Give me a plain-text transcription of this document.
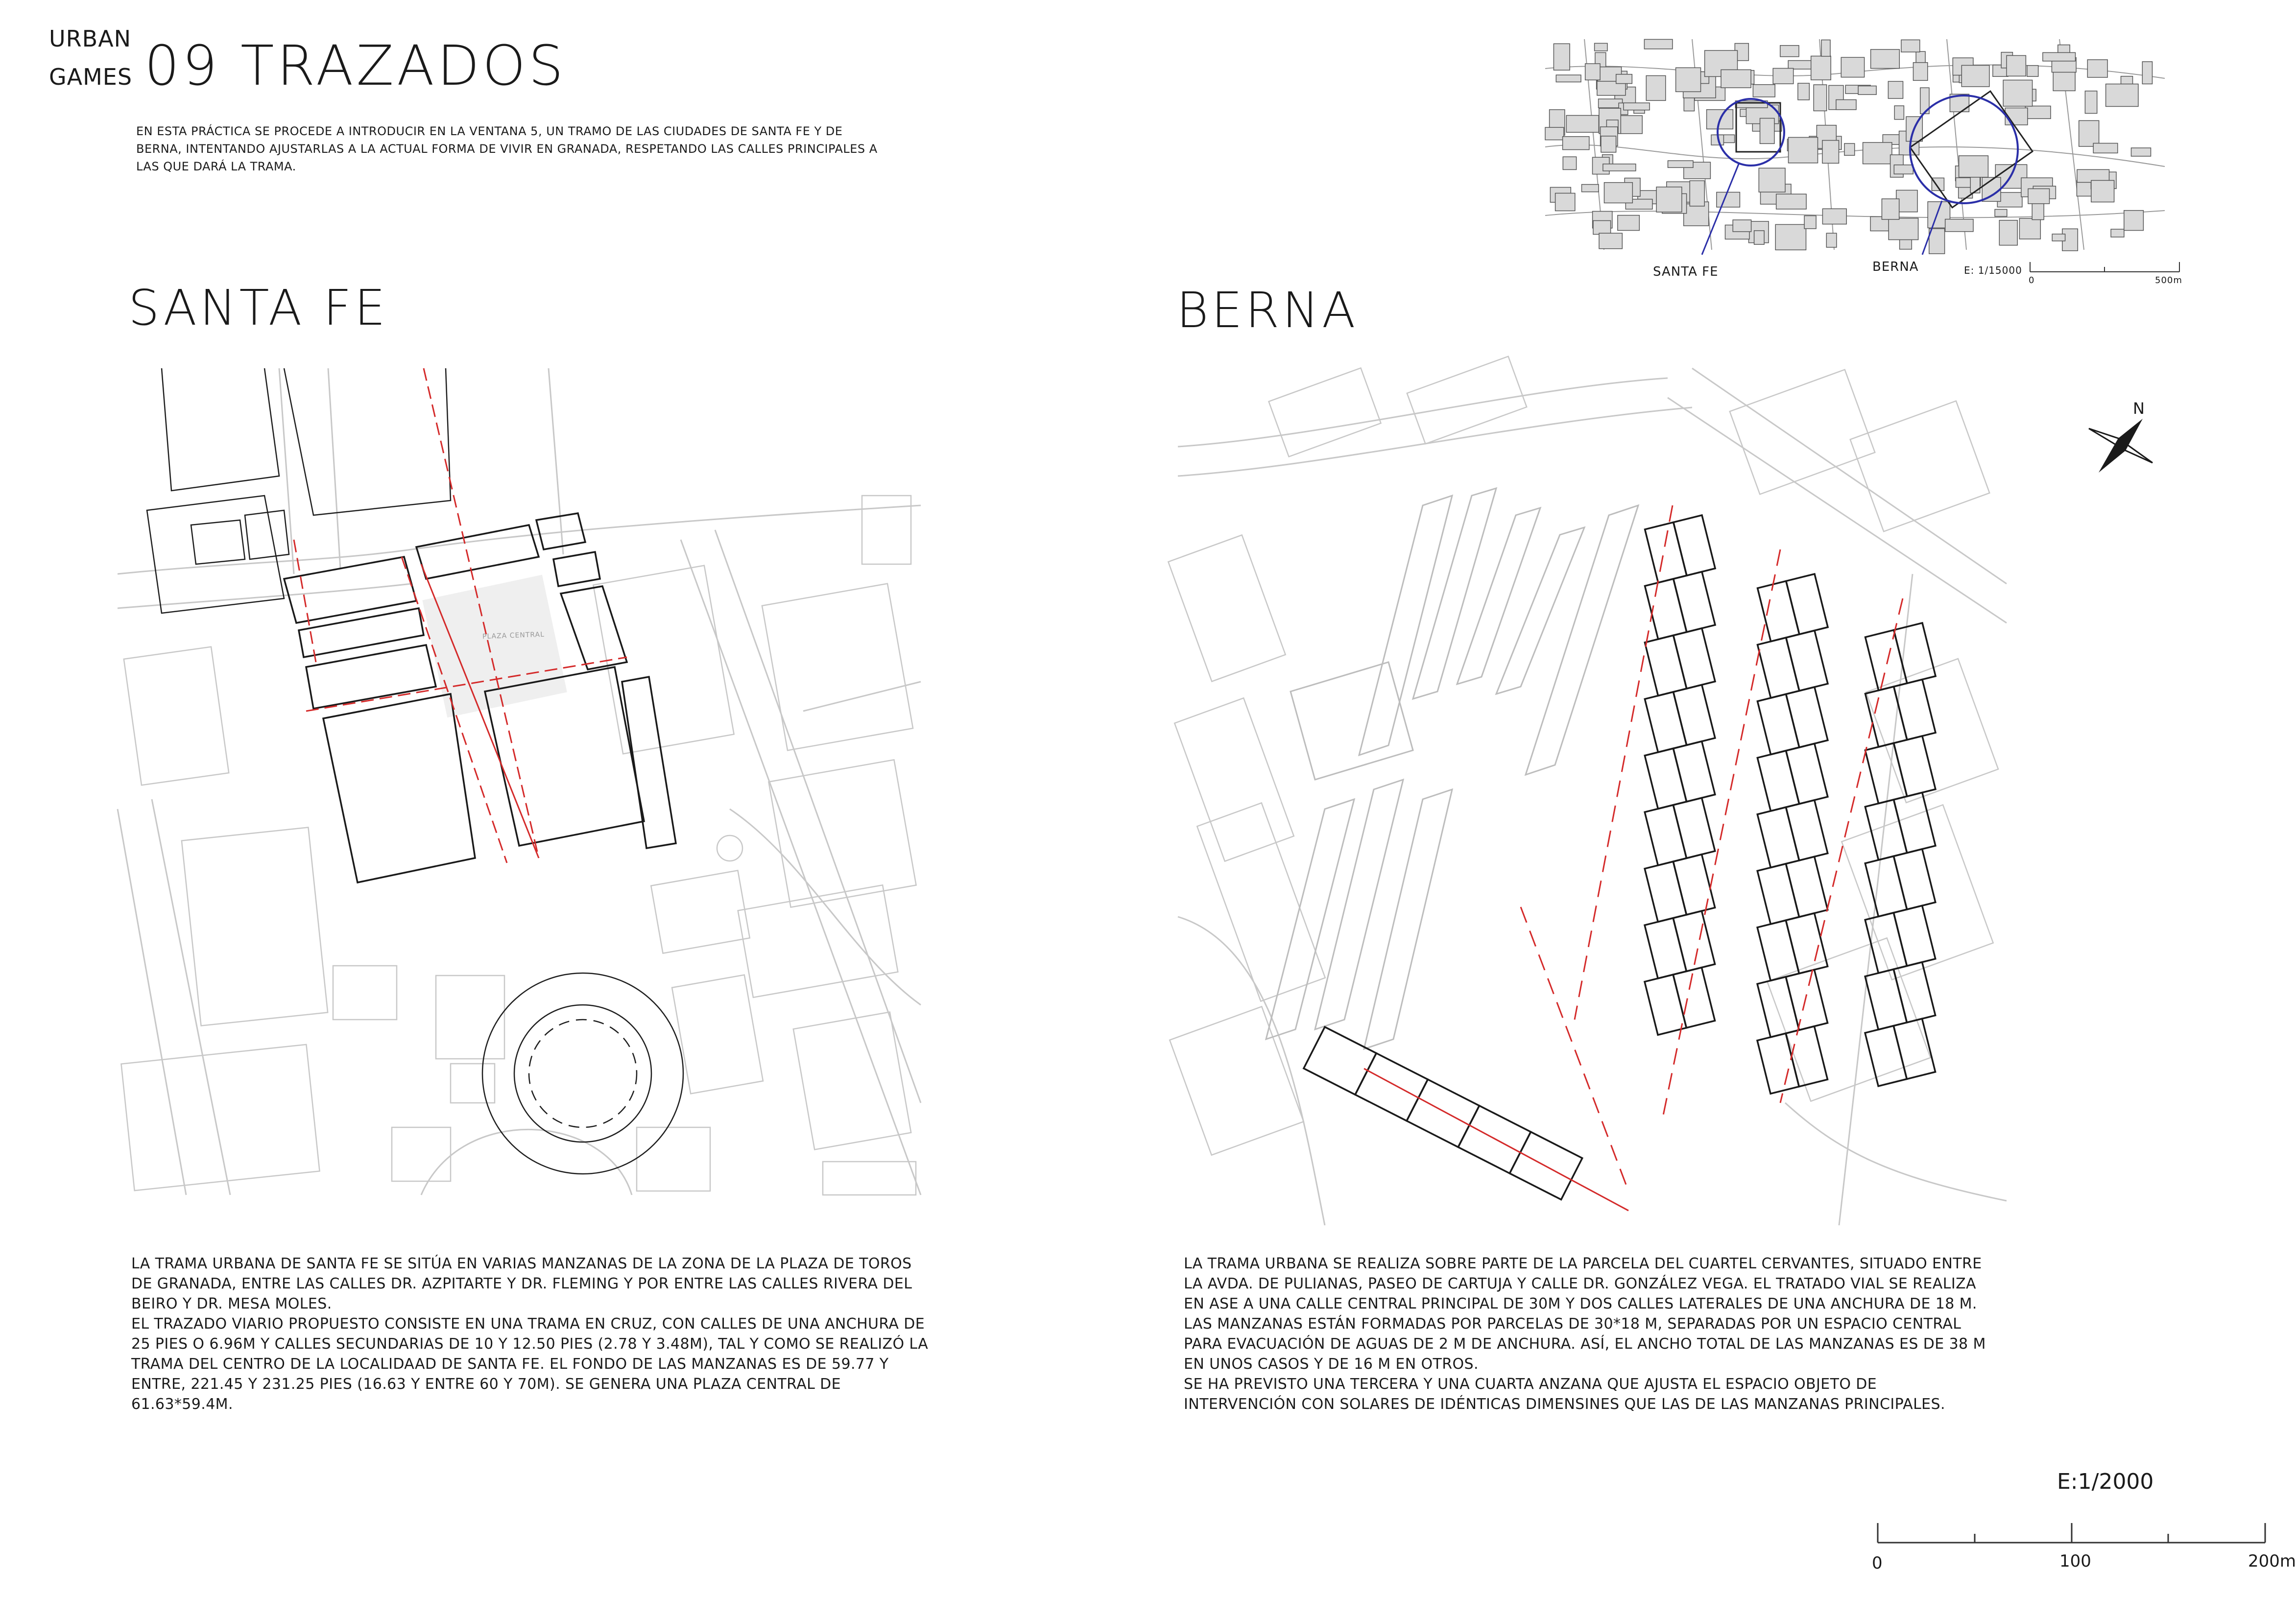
URBAN
GAMES 09 TRAZADOS
EN ESTA PRÁCTICA SE PROCEDE A INTRODUCIR EN LA VENTANA 5, UN TRAMO DE LAS CIUDADES DE SANTA FE Y DE BERNA, INTENTANDO AJUSTARLAS A LA ACTUAL FORMA DE VIVIR EN GRANADA, RESPETANDO LAS CALLES PRINCIPALES A LAS QUE DARÁ LA TRAMA.
SANTA FE	BERNA	E: 1/15000
0	500m
SANTA FE	BERNA
PLAZA CENTRAL
N

LA TRAMA URBANA DE SANTA FE SE SITÚA EN VARIAS MANZANAS DE LA ZONA DE LA PLAZA DE TOROS DE GRANADA, ENTRE LAS CALLES DR. AZPITARTE Y DR. FLEMING Y POR ENTRE LAS CALLES RIVERA DEL BEIRO Y DR. MESA MOLES.

EL TRAZADO VIARIO PROPUESTO CONSISTE EN UNA TRAMA EN CRUZ, CON CALLES DE UNA ANCHURA DE 25 PIES O 6.96M Y CALLES SECUNDARIAS DE 10 Y 12.50 PIES (2.78 Y 3.48M), TAL Y COMO SE REALIZÓ LA TRAMA DEL CENTRO DE LA LOCALIDAAD DE SANTA FE. EL FONDO DE LAS MANZANAS ES DE 59.77 Y ENTRE, 221.45 Y 231.25 PIES (16.63 Y ENTRE 60 Y 70M). SE GENERA UNA PLAZA CENTRAL DE 61.63*59.4M.

LA TRAMA URBANA SE REALIZA SOBRE PARTE DE LA PARCELA DEL CUARTEL CERVANTES, SITUADO ENTRE LA AVDA. DE PULIANAS, PASEO DE CARTUJA Y CALLE DR. GONZÁLEZ VEGA. EL TRATADO VIAL SE REALIZA EN ASE A UNA CALLE CENTRAL PRINCIPAL DE 30M Y DOS CALLES LATERALES DE UNA ANCHURA DE 18 M. LAS MANZANAS ESTÁN FORMADAS POR PARCELAS DE 30*18 M, SEPARADAS POR UN ESPACIO CENTRAL PARA EVACUACIÓN DE AGUAS DE 2 M DE ANCHURA. ASÍ, EL ANCHO TOTAL DE LAS MANZANAS ES DE 38 M EN UNOS CASOS Y DE 16 M EN OTROS.

SE HA PREVISTO UNA TERCERA Y UNA CUARTA ANZANA QUE AJUSTA EL ESPACIO OBJETO DE INTERVENCIÓN CON SOLARES DE IDÉNTICAS DIMENSINES QUE LAS DE LAS MANZANAS PRINCIPALES.

E:1/2000
0	100	200m
